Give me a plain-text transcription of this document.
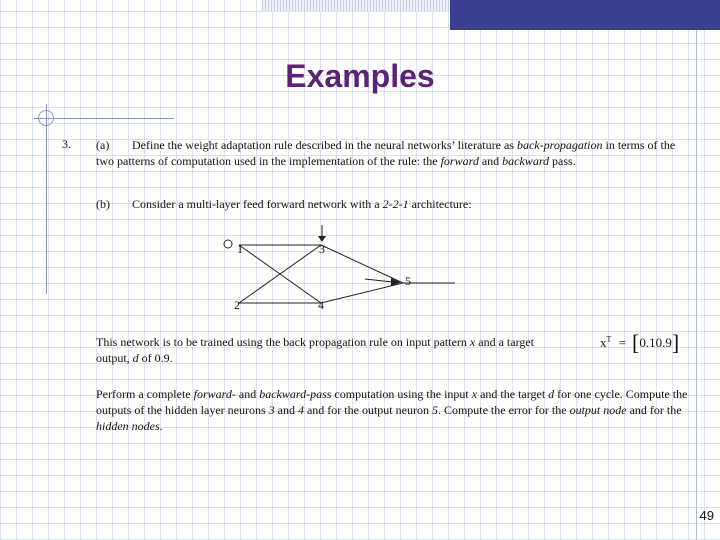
Examples
3. (a) Define the weight adaptation rule described in the neural networks’ literature as back-propagation in terms of the two patterns of computation used in the implementation of the rule: the forward and backward pass.

(b) Consider a multi-layer feed forward network with a 2-2-1 architecture:

1
2
3
4
5

This network is to be trained using the back propagation rule on input pattern x and a target output, d of 0.9.

$x^T = [0.10.9]$

Perform a complete forward- and backward-pass computation using the input x and the target d for one cycle. Compute the outputs of the hidden layer neurons 3 and 4 and for the output neuron 5. Compute the error for the output node and for the hidden nodes.

49
